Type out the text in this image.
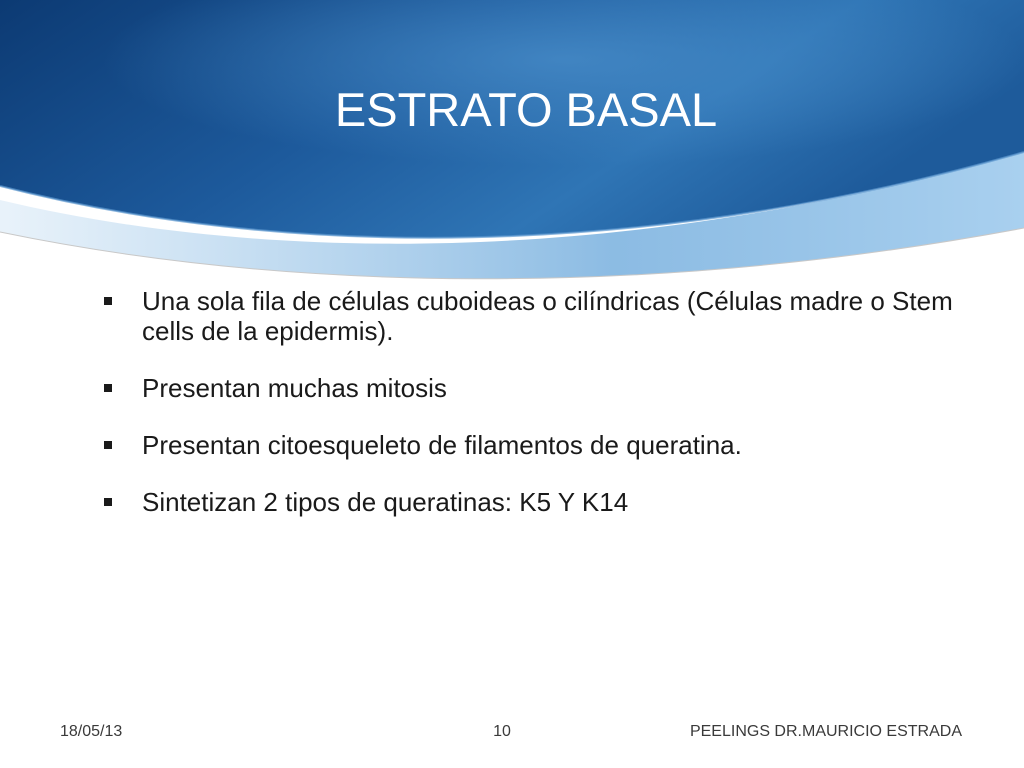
ESTRATO BASAL
Una sola fila de células cuboideas o cilíndricas (Células madre o Stem cells de la epidermis).
Presentan muchas mitosis
Presentan citoesqueleto de filamentos de queratina.
Sintetizan 2 tipos de queratinas: K5 Y K14
18/05/13	10	PEELINGS DR.MAURICIO ESTRADA
